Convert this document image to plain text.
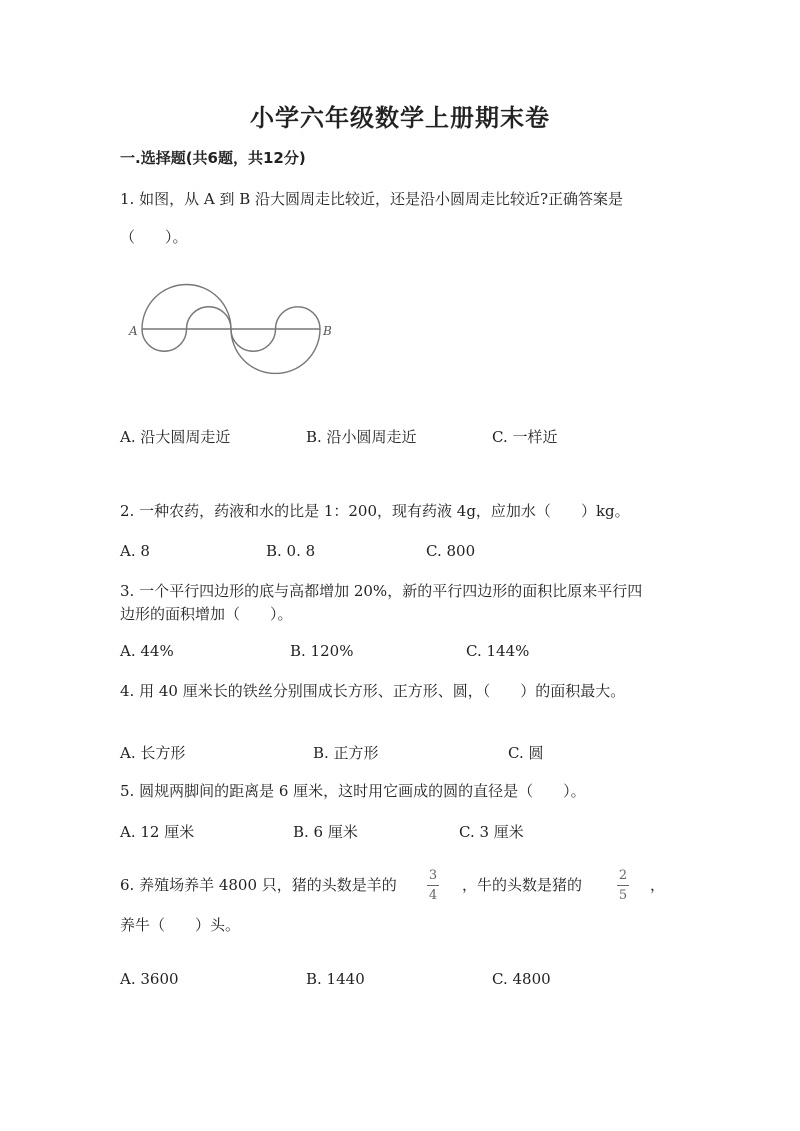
小学六年级数学上册期末卷
一.选择题(共6题，共12分)
1. 如图，从 A 到 B 沿大圆周走比较近，还是沿小圆周走比较近?正确答案是
（　　）。
A	B
A. 沿大圆周走近	B. 沿小圆周走近	C. 一样近
2. 一种农药，药液和水的比是 1：200，现有药液 4g，应加水（　　）kg。
A. 8	B. 0. 8	C. 800
3. 一个平行四边形的底与高都增加 20%，新的平行四边形的面积比原来平行四
边形的面积增加（　　）。
A. 44%	B. 120%	C. 144%
4. 用 40 厘米长的铁丝分别围成长方形、正方形、圆，（　　）的面积最大。
A. 长方形	B. 正方形	C. 圆
5. 圆规两脚间的距离是 6 厘米，这时用它画成的圆的直径是（　　）。
A. 12 厘米	B. 6 厘米	C. 3 厘米
6. 养殖场养羊 4800 只，猪的头数是羊的
3
4
，牛的头数是猪的
2
5
，
养牛（　　）头。
A. 3600	B. 1440	C. 4800
